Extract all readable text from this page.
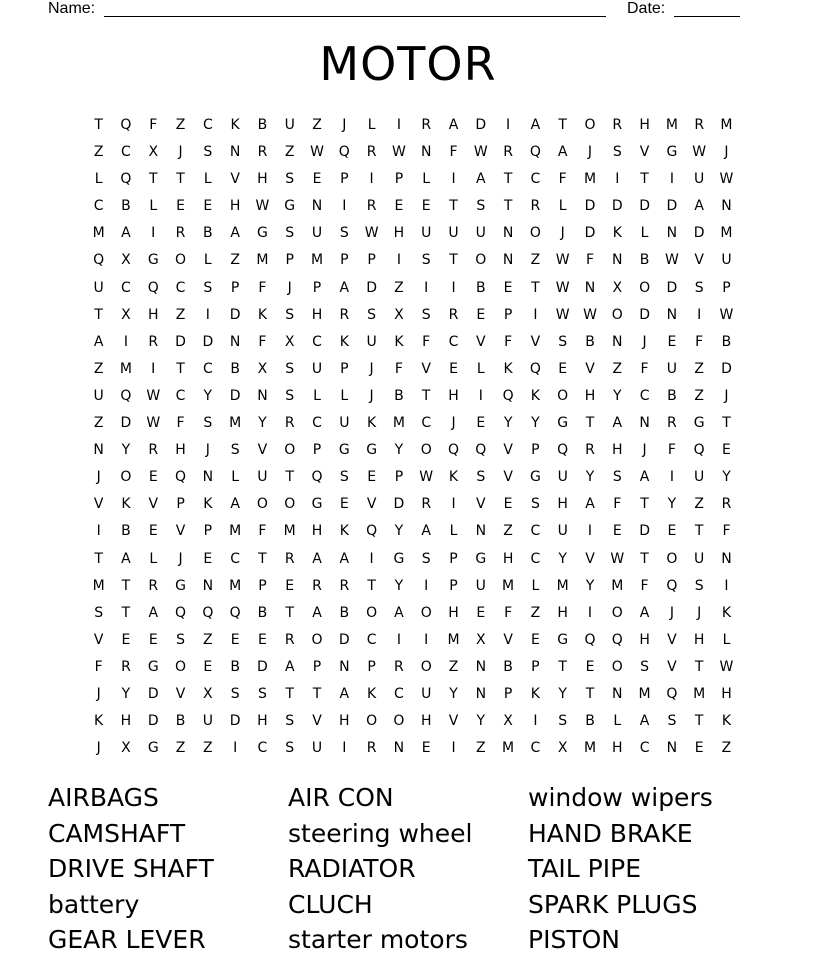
Name:	Date:
MOTOR
T	Q	F	Z	C	K	B	U	Z	J	L	I	R	A	D	I	A	T	O	R	H	M	R	M
Z	C	X	J	S	N	R	Z	W	Q	R	W	N	F	W	R	Q	A	J	S	V	G	W	J
L	Q	T	T	L	V	H	S	E	P	I	P	L	I	A	T	C	F	M	I	T	I	U	W
C	B	L	E	E	H	W	G	N	I	R	E	E	T	S	T	R	L	D	D	D	D	A	N
M	A	I	R	B	A	G	S	U	S	W	H	U	U	U	N	O	J	D	K	L	N	D	M
Q	X	G	O	L	Z	M	P	M	P	P	I	S	T	O	N	Z	W	F	N	B	W	V	U
U	C	Q	C	S	P	F	J	P	A	D	Z	I	I	B	E	T	W	N	X	O	D	S	P
T	X	H	Z	I	D	K	S	H	R	S	X	S	R	E	P	I	W W	O	D	N	I	W
A	I	R	D	D	N	F	X	C	K	U	K	F	C	V	F	V	S	B	N	J	E	F	B
Z	M	I	T	C	B	X	S	U	P	J	F	V	E	L	K	Q	E	V	Z	F	U	Z	D
U	Q	W	C	Y	D	N	S	L	L	J	B	T	H	I	Q	K	O	H	Y	C	B	Z	J
Z	D	W	F	S	M	Y	R	C	U	K	M	C	J	E	Y	Y	G	T	A	N	R	G	T
N	Y	R	H	J	S	V	O	P	G	G	Y	O	Q	Q	V	P	Q	R	H	J	F	Q	E
J	O	E	Q	N	L	U	T	Q	S	E	P	W	K	S	V	G	U	Y	S	A	I	U	Y
V	K	V	P	K	A	O	O	G	E	V	D	R	I	V	E	S	H	A	F	T	Y	Z	R
I	B	E	V	P	M	F	M	H	K	Q	Y	A	L	N	Z	C	U	I	E	D	E	T	F
T	A	L	J	E	C	T	R	A	A	I	G	S	P	G	H	C	Y	V	W	T	O	U	N
M	T	R	G	N	M	P	E	R	R	T	Y	I	P	U	M	L	M	Y	M	F	Q	S	I
S	T	A	Q	Q	Q	B	T	A	B	O	A	O	H	E	F	Z	H	I	O	A	J	J	K
V	E	E	S	Z	E	E	R	O	D	C	I	I	M	X	V	E	G	Q	Q	H	V	H	L
F	R	G	O	E	B	D	A	P	N	P	R	O	Z	N	B	P	T	E	O	S	V	T	W
J	Y	D	V	X	S	S	T	T	A	K	C	U	Y	N	P	K	Y	T	N	M	Q	M	H
K	H	D	B	U	D	H	S	V	H	O	O	H	V	Y	X	I	S	B	L	A	S	T	K
J	X	G	Z	Z	I	C	S	U	I	R	N	E	I	Z	M	C	X	M	H	C	N	E	Z
AIRBAGS
CAMSHAFT
DRIVE SHAFT
battery
GEAR LEVER
AIR CON
steering wheel
RADIATOR
CLUCH
starter motors
window wipers
HAND BRAKE
TAIL PIPE
SPARK PLUGS
PISTON
